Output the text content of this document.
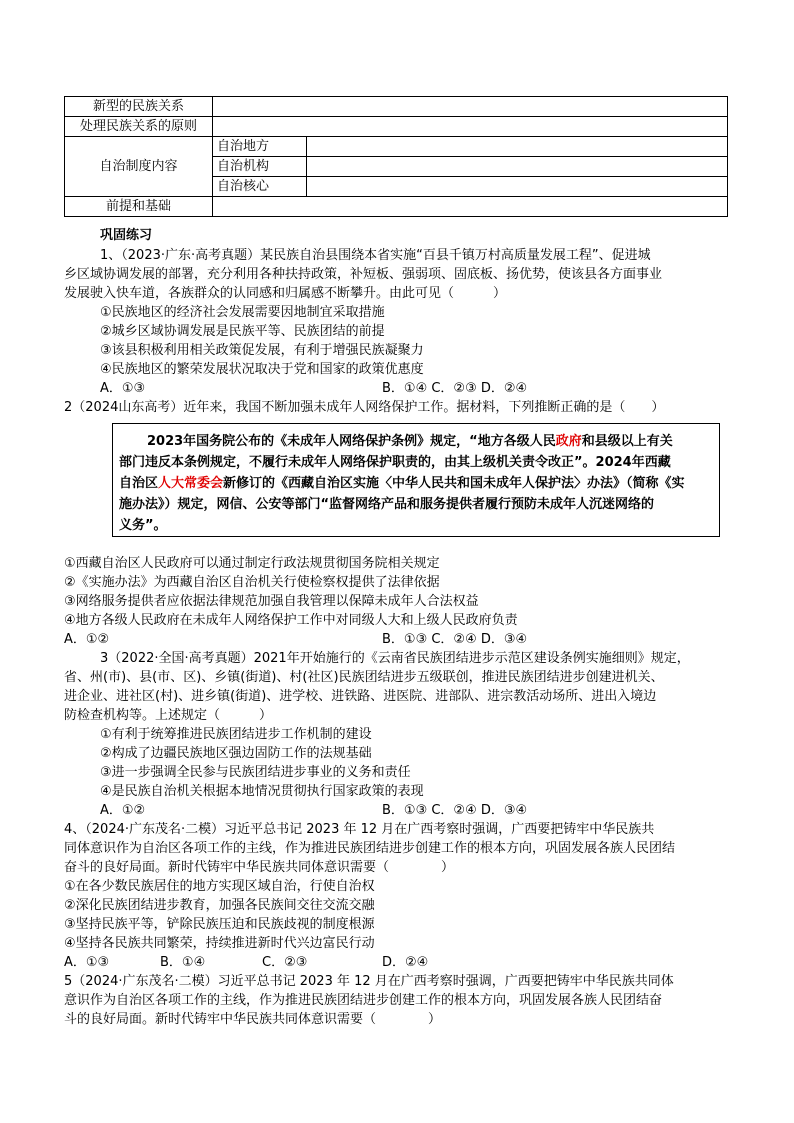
新型的民族关系		
处理民族关系的原则		
自治制度内容	自治地方	
	自治机构	
	自治核心	
前提和基础		
巩固练习
1、（2023·广东·高考真题）某民族自治县围绕本省实施“百县千镇万村高质量发展工程”、促进城
乡区域协调发展的部署，充分利用各种扶持政策，补短板、强弱项、固底板、扬优势，使该县各方面事业
发展驶入快车道，各族群众的认同感和归属感不断攀升。由此可见（　　　）
①民族地区的经济社会发展需要因地制宜采取措施
②城乡区域协调发展是民族平等、民族团结的前提
③该县积极利用相关政策促发展，有利于增强民族凝聚力
④民族地区的繁荣发展状况取决于党和国家的政策优惠度
A．①③	B．①④ C．②③ D．②④
2（2024山东高考）近年来，我国不断加强未成年人网络保护工作。据材料，下列推断正确的是（　　）
2023年国务院公布的《未成年人网络保护条例》规定，“地方各级人民政府和县级以上有关
部门违反本条例规定，不履行未成年人网络保护职责的，由其上级机关责令改正”。2024年西藏
自治区人大常委会新修订的《西藏自治区实施〈中华人民共和国未成年人保护法〉办法》（简称《实
施办法》）规定，网信、公安等部门“监督网络产品和服务提供者履行预防未成年人沉迷网络的
义务”。
①西藏自治区人民政府可以通过制定行政法规贯彻国务院相关规定
②《实施办法》为西藏自治区自治机关行使检察权提供了法律依据
③网络服务提供者应依据法律规范加强自我管理以保障未成年人合法权益
④地方各级人民政府在未成年人网络保护工作中对同级人大和上级人民政府负责
A．①②	B．①③ C．②④ D．③④
3（2022·全国·高考真题）2021年开始施行的《云南省民族团结进步示范区建设条例实施细则》规定，
省、州(市)、县(市、区)、乡镇(街道)、村(社区)民族团结进步五级联创，推进民族团结进步创建进机关、
进企业、进社区(村)、进乡镇(街道)、进学校、进铁路、进医院、进部队、进宗教活动场所、进出入境边
防检查机构等。上述规定（　　　）
①有利于统筹推进民族团结进步工作机制的建设
②构成了边疆民族地区强边固防工作的法规基础
③进一步强调全民参与民族团结进步事业的义务和责任
④是民族自治机关根据本地情况贯彻执行国家政策的表现
A．①②	B．①③ C．②④ D．③④
4、（2024·广东茂名·二模）习近平总书记 2023 年 12 月在广西考察时强调，广西要把铸牢中华民族共
同体意识作为自治区各项工作的主线，作为推进民族团结进步创建工作的根本方向，巩固发展各族人民团结
奋斗的良好局面。新时代铸牢中华民族共同体意识需要（　　　　）
①在各少数民族居住的地方实现区域自治，行使自治权
②深化民族团结进步教育，加强各民族间交往交流交融
③坚持民族平等，铲除民族压迫和民族歧视的制度根源
④坚持各民族共同繁荣，持续推进新时代兴边富民行动
A．①③	B．①④	C．②③	D．②④
5（2024·广东茂名·二模）习近平总书记 2023 年 12 月在广西考察时强调，广西要把铸牢中华民族共同体
意识作为自治区各项工作的主线，作为推进民族团结进步创建工作的根本方向，巩固发展各族人民团结奋
斗的良好局面。新时代铸牢中华民族共同体意识需要（　　　　）
